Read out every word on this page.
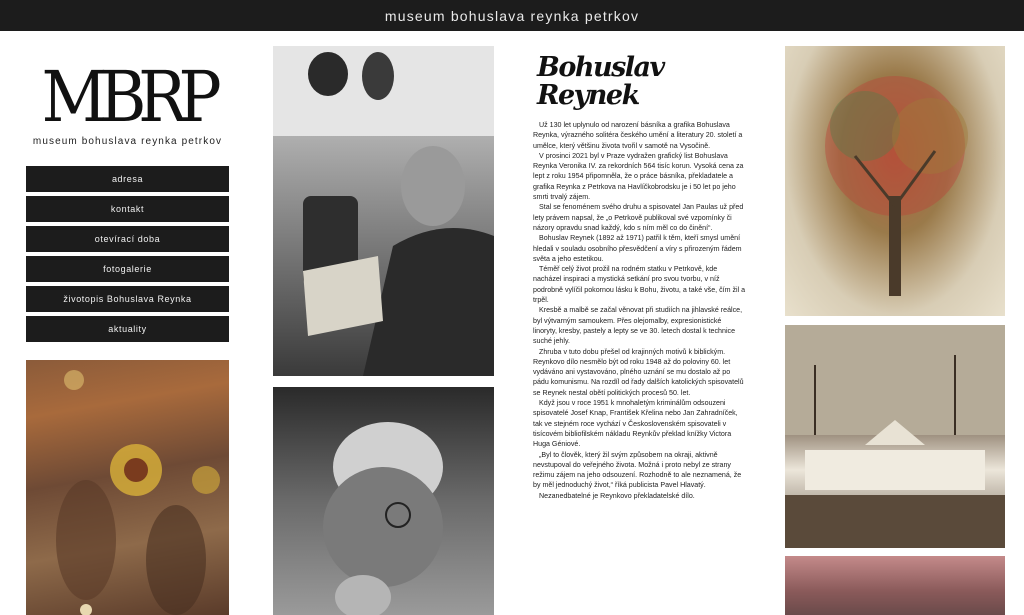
museum bohuslava reynka petrkov
MBRP
museum bohuslava reynka petrkov
adresa
kontakt
otevírací doba
fotogalerie
životopis Bohuslava Reynka
aktuality
Bohuslav
Reynek

Už 130 let uplynulo od narození básníka a grafika Bohuslava Reynka, výrazného solitéra českého umění a literatury 20. století a umělce, který většinu života tvořil v samotě na Vysočině.

V prosinci 2021 byl v Praze vydražen grafický list Bohuslava Reynka Veronika IV. za rekordních 564 tisíc korun. Vysoká cena za lept z roku 1954 připomněla, že o práce básníka, překladatele a grafika Reynka z Petrkova na Havlíčkobrodsku je i 50 let po jeho smrti trvalý zájem.

Stal se fenoménem svého druhu a spisovatel Jan Paulas už před lety právem napsal, že „o Petrkově publikoval své vzpomínky či názory opravdu snad každý, kdo s ním měl co do činění“.

Bohuslav Reynek (1892 až 1971) patřil k těm, kteří smysl umění hledali v souladu osobního přesvědčení a víry s přirozeným řádem světa a jeho estetikou.

Téměř celý život prožil na rodném statku v Petrkově, kde nacházel inspiraci a mystická setkání pro svou tvorbu, v níž podrobně vylíčil pokornou lásku k Bohu, životu, a také vše, čím žil a trpěl.

Kresbě a malbě se začal věnovat při studiích na jihlavské reálce, byl výtvarným samoukem. Přes olejomalby, expresionistické linoryty, kresby, pastely a lepty se ve 30. letech dostal k technice suché jehly.

Zhruba v tuto dobu přešel od krajinných motivů k biblickým. Reynkovo dílo nesmělo být od roku 1948 až do poloviny 60. let vydáváno ani vystavováno, plného uznání se mu dostalo až po pádu komunismu. Na rozdíl od řady dalších katolických spisovatelů se Reynek nestal obětí politických procesů 50. let.

Když jsou v roce 1951 k mnohaletým kriminálům odsouzeni spisovatelé Josef Knap, František Křelina nebo Jan Zahradníček, tak ve stejném roce vychází v Československém spisovateli v tisícovém bibliofilském nákladu Reynkův překlad knížky Victora Huga Géniové.

„Byl to člověk, který žil svým způsobem na okraji, aktivně nevstupoval do veřejného života. Možná i proto nebyl ze strany režimu zájem na jeho odsouzení. Rozhodně to ale neznamená, že by měl jednoduchý život,“ říká publicista Pavel Hlavatý.

Nezanedbatelné je Reynkovo překladatelské dílo.
